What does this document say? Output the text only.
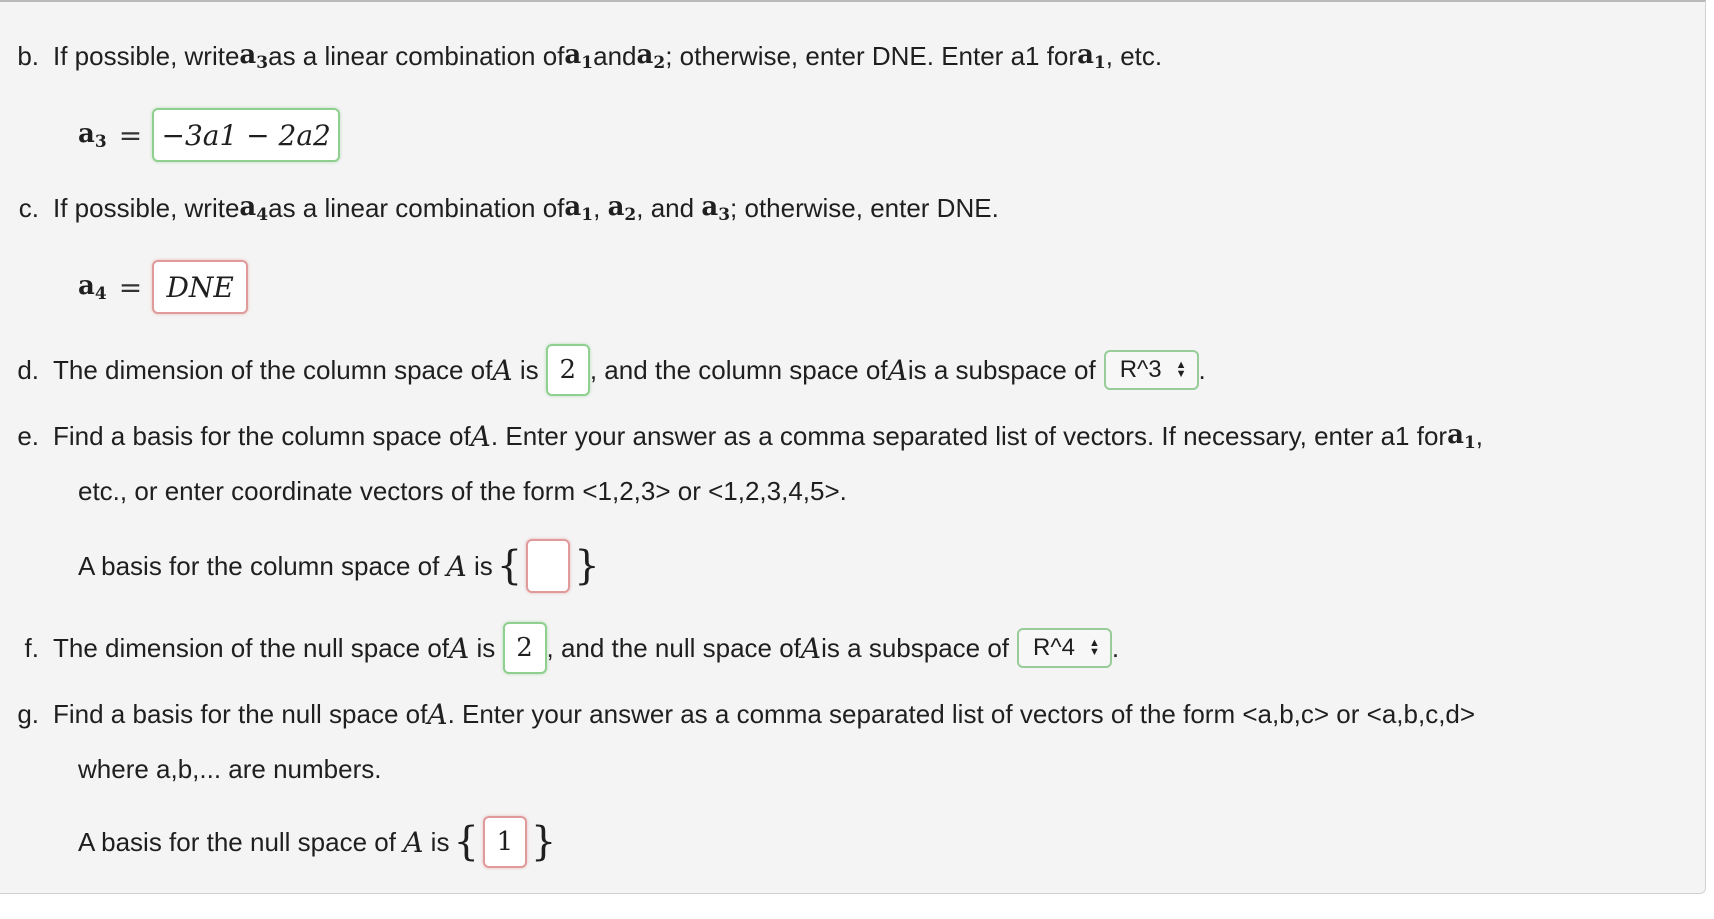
b. If possible, write $a_3$ as a linear combination of $a_1$ and $a_2$ ; otherwise, enter DNE. Enter a1 for $a_1$ , etc.
$a_3 = -3a1 - 2a2$
c. If possible, write $a_4$ as a linear combination of $a_1$ , $a_2$ , and $a_3$ ; otherwise, enter DNE.
$a_4$ = DNE
d. The dimension of the column space of A is 2 , and the column space of A is a subspace of R^3 ▲
▼ .
e. Find a basis for the column space of A . Enter your answer as a comma separated list of vectors. If necessary, enter a1 for $a_1$ ,
etc., or enter coordinate vectors of the form <1,2,3> or <1,2,3,4,5>.
A basis for the column space of A is { }
f. The dimension of the null space of A is 2 , and the null space of A is a subspace of R^4 ▲
▼ .
g. Find a basis for the null space of A . Enter your answer as a comma separated list of vectors of the form <a,b,c> or <a,b,c,d>
where a,b,... are numbers.
A basis for the null space of A is { 1 }
